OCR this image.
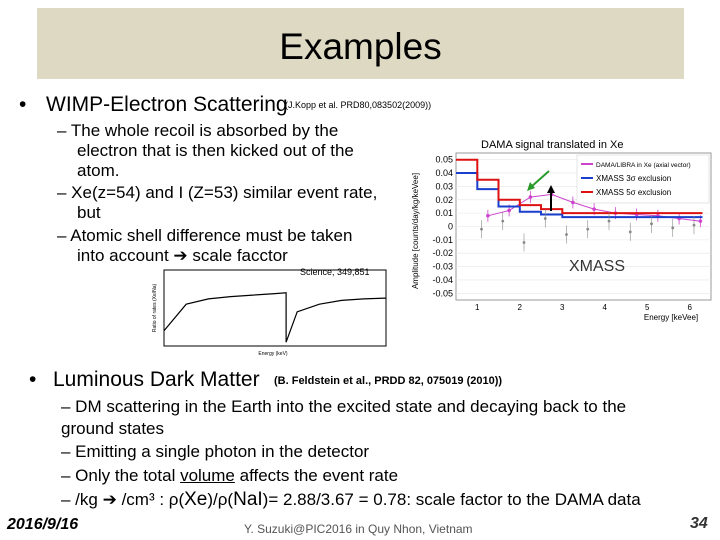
Examples
• WIMP-Electron Scattering
(J.Kopp et al. PRD80,083502(2009))
– The whole recoil is absorbed by the
electron that is then kicked out of the
atom.
– Xe(z=54) and I (Z=53) similar event rate,
but
– Atomic shell difference must be taken
into account ➔ scale facctor
Science, 349,851
Ratio of rates (Xe/Na)
Energy (keV)
DAMA signal translated in Xe
XMASS
0.05
0.04
0.03
0.02
0.01
0
-0.01
-0.02
-0.03
-0.04
-0.05
1	2	3	4	5	6
Energy [keVee]
Amplitude [counts/day/kg/keVee]
DAMA/LIBRA in Xe (axial vector)
XMASS 3σ exclusion
XMASS 5σ exclusion
• Luminous Dark Matter (B. Feldstein et al., PRDD 82, 075019 (2010))
– DM scattering in the Earth into the excited state and decaying back to the
ground states
– Emitting a single photon in the detector
– Only the total volume affects the event rate
– /kg ➔ /cm³ : ρ(Xe)/ρ(NaI)= 2.88/3.67 = 0.78: scale factor to the DAMA data
2016/9/16	Y. Suzuki@PIC2016 in Quy Nhon, Vietnam	34
